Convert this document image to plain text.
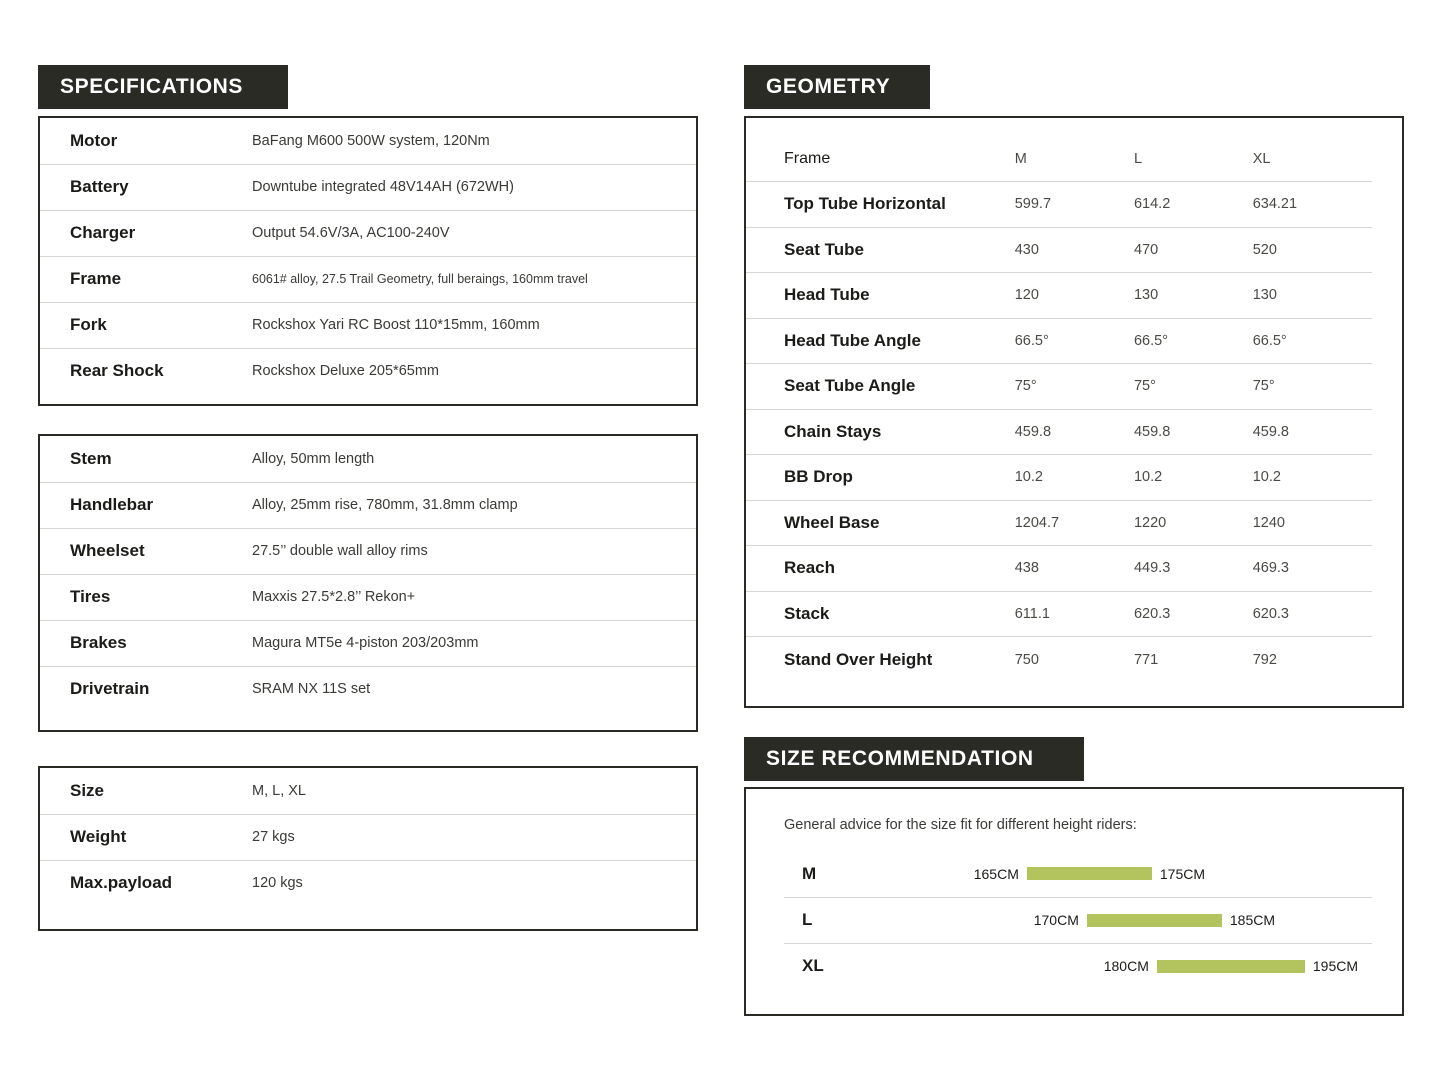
SPECIFICATIONS
Motor	BaFang M600 500W system, 120Nm
Battery	Downtube integrated 48V14AH (672WH)
Charger	Output 54.6V/3A, AC100-240V
Frame	6061# alloy, 27.5 Trail Geometry, full beraings, 160mm travel
Fork	Rockshox Yari RC Boost 110*15mm, 160mm
Rear Shock	Rockshox Deluxe 205*65mm
Stem	Alloy, 50mm length
Handlebar	Alloy, 25mm rise, 780mm, 31.8mm clamp
Wheelset	27.5’’ double wall alloy rims
Tires	Maxxis 27.5*2.8’’ Rekon+
Brakes	Magura MT5e 4-piston 203/203mm
Drivetrain	SRAM NX 11S set
Size	M, L, XL
Weight	27 kgs
Max.payload	120 kgs
GEOMETRY
Frame	M	L	XL
Top Tube Horizontal	599.7	614.2	634.21
Seat Tube	430	470	520
Head Tube	120	130	130
Head Tube Angle	66.5°	66.5°	66.5°
Seat Tube Angle	75°	75°	75°
Chain Stays	459.8	459.8	459.8
BB Drop	10.2	10.2	10.2
Wheel Base	1204.7	1220	1240
Reach	438	449.3	469.3
Stack	611.1	620.3	620.3
Stand Over Height	750	771	792
SIZE RECOMMENDATION
General advice for the size fit for different height riders:
M	165CM 175CM

L	170CM 185CM

XL	180CM 195CM
